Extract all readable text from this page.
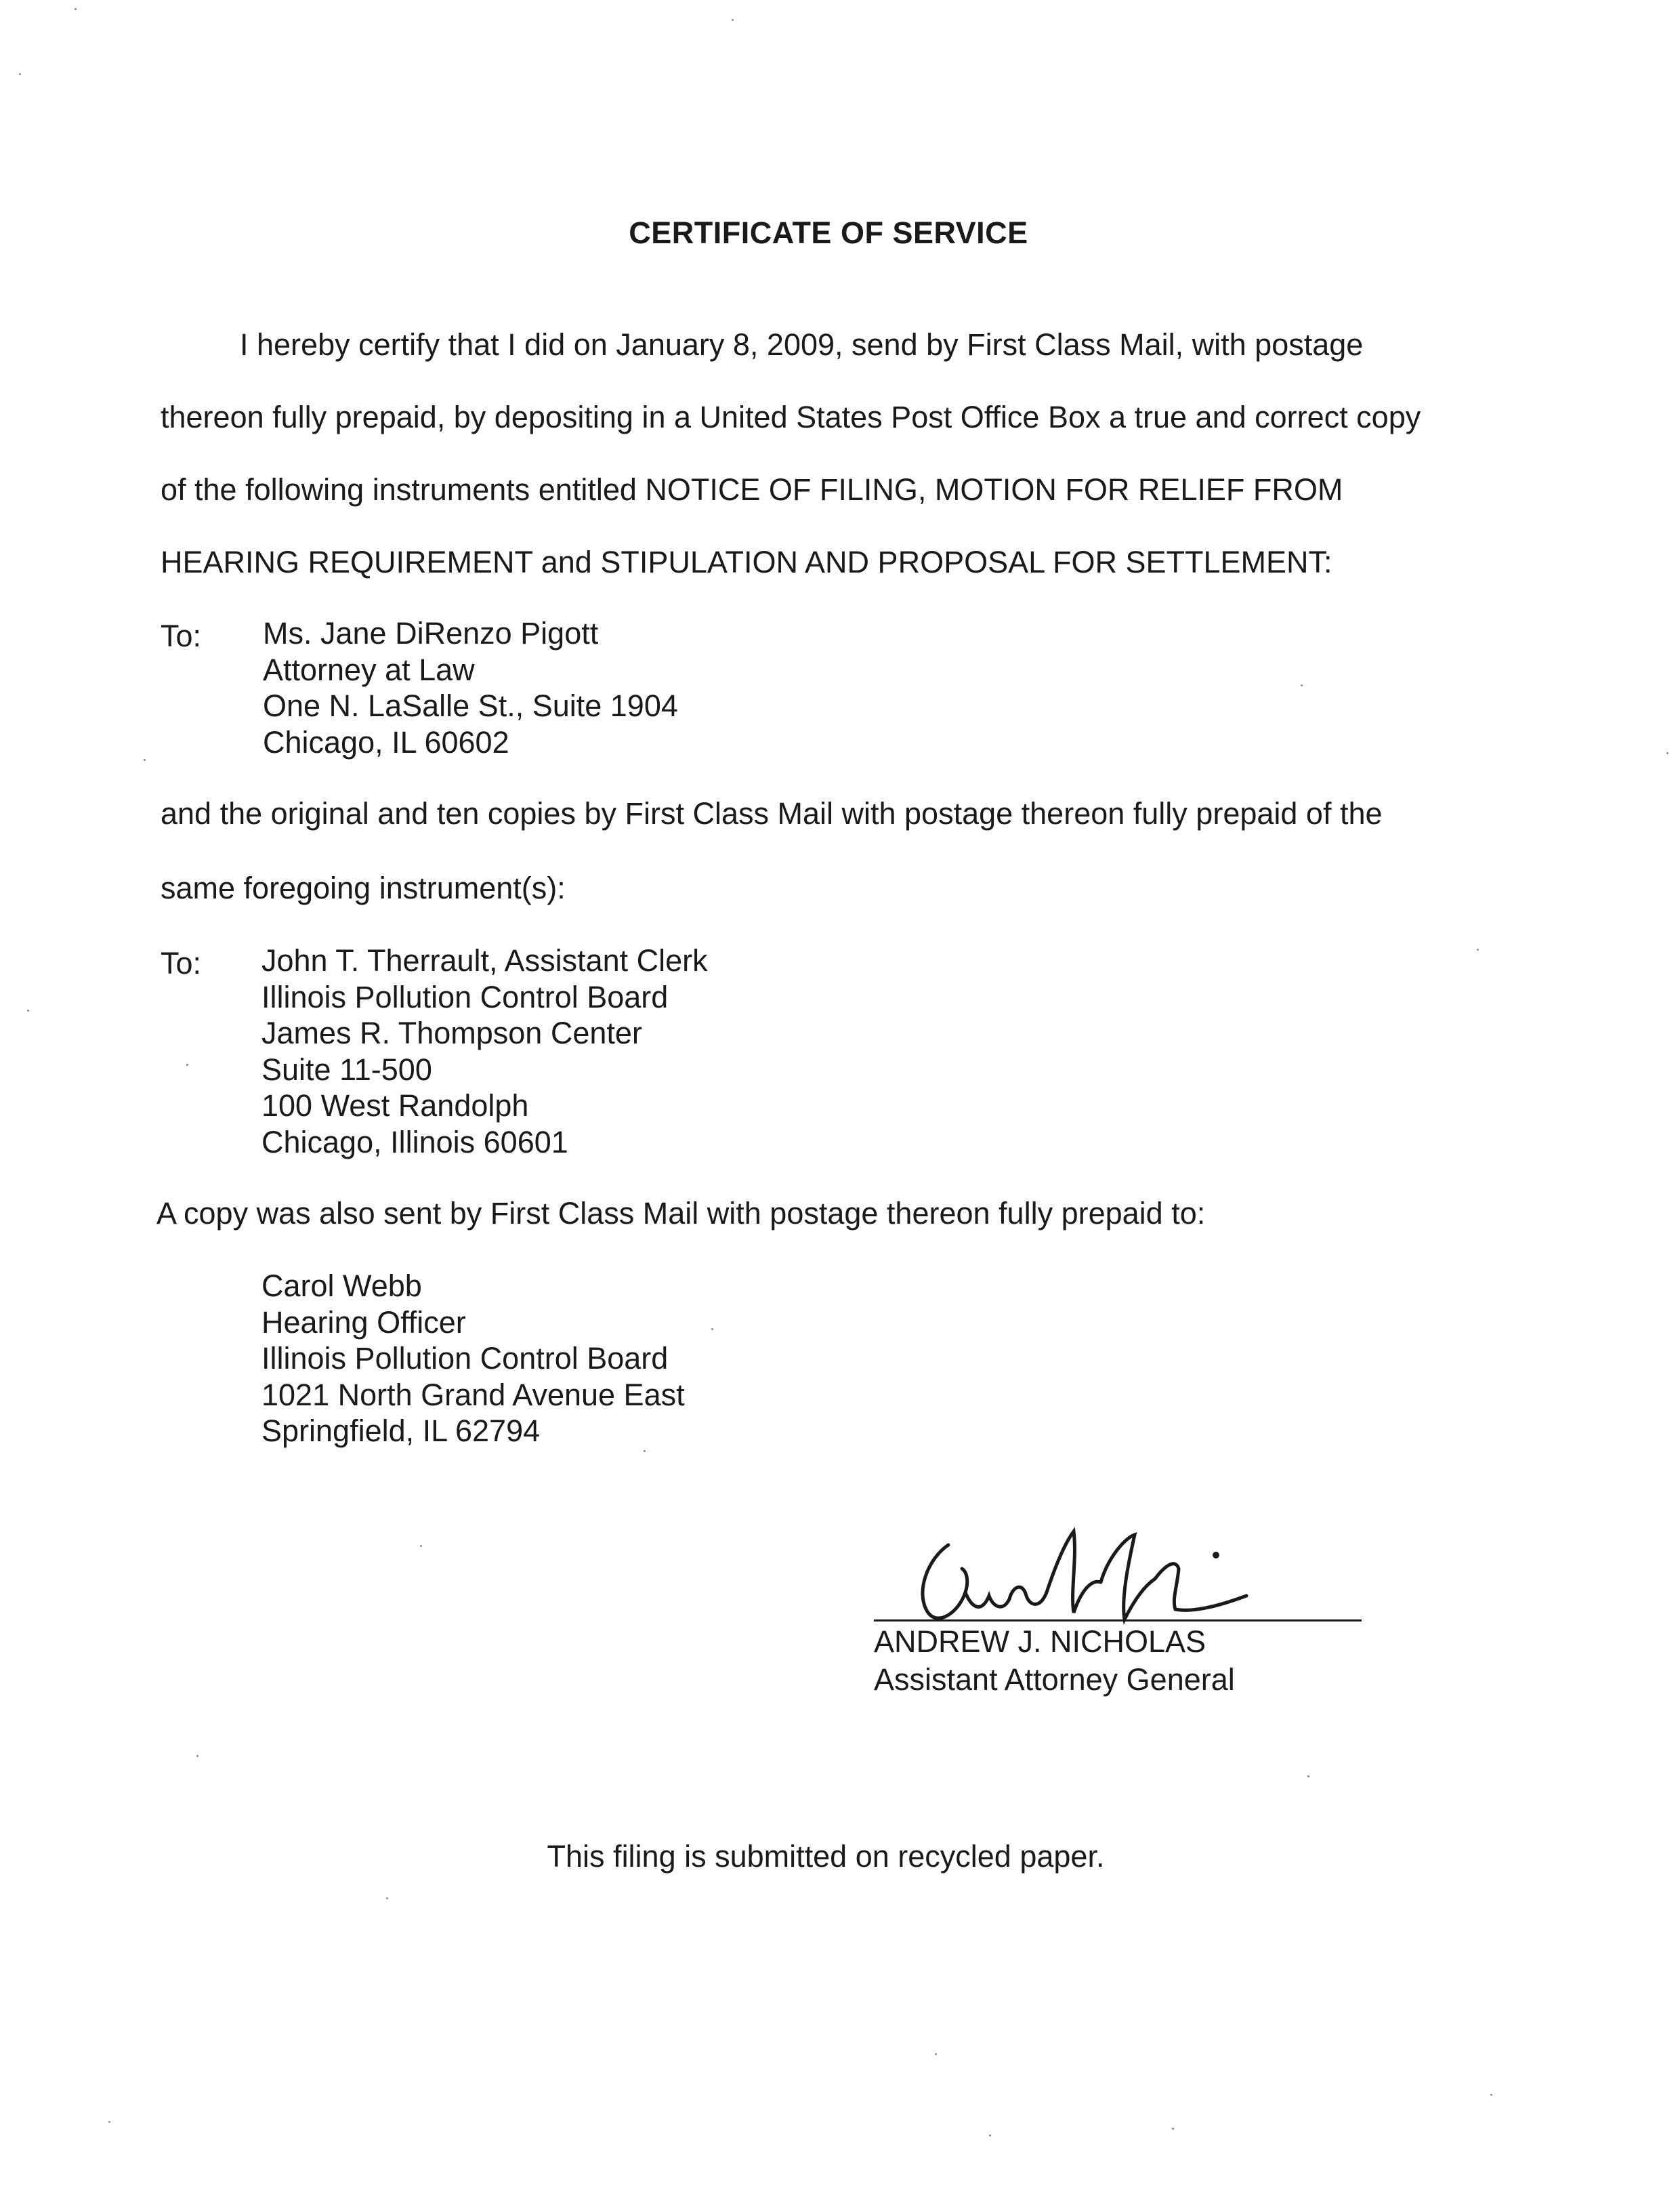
CERTIFICATE OF SERVICE
I hereby certify that I did on January 8, 2009, send by First Class Mail, with postage
thereon fully prepaid, by depositing in a United States Post Office Box a true and correct copy
of the following instruments entitled NOTICE OF FILING, MOTION FOR RELIEF FROM
HEARING REQUIREMENT and STIPULATION AND PROPOSAL FOR SETTLEMENT:
To: Ms. Jane DiRenzo Pigott
Attorney at Law
One N. LaSalle St., Suite 1904
Chicago, IL 60602
and the original and ten copies by First Class Mail with postage thereon fully prepaid of the
same foregoing instrument(s):
To: John T. Therrault, Assistant Clerk
Illinois Pollution Control Board
James R. Thompson Center
Suite 11-500
100 West Randolph
Chicago, Illinois 60601
A copy was also sent by First Class Mail with postage thereon fully prepaid to:
Carol Webb
Hearing Officer
Illinois Pollution Control Board
1021 North Grand Avenue East
Springfield, IL 62794
ANDREW J. NICHOLAS
Assistant Attorney General
This filing is submitted on recycled paper.
